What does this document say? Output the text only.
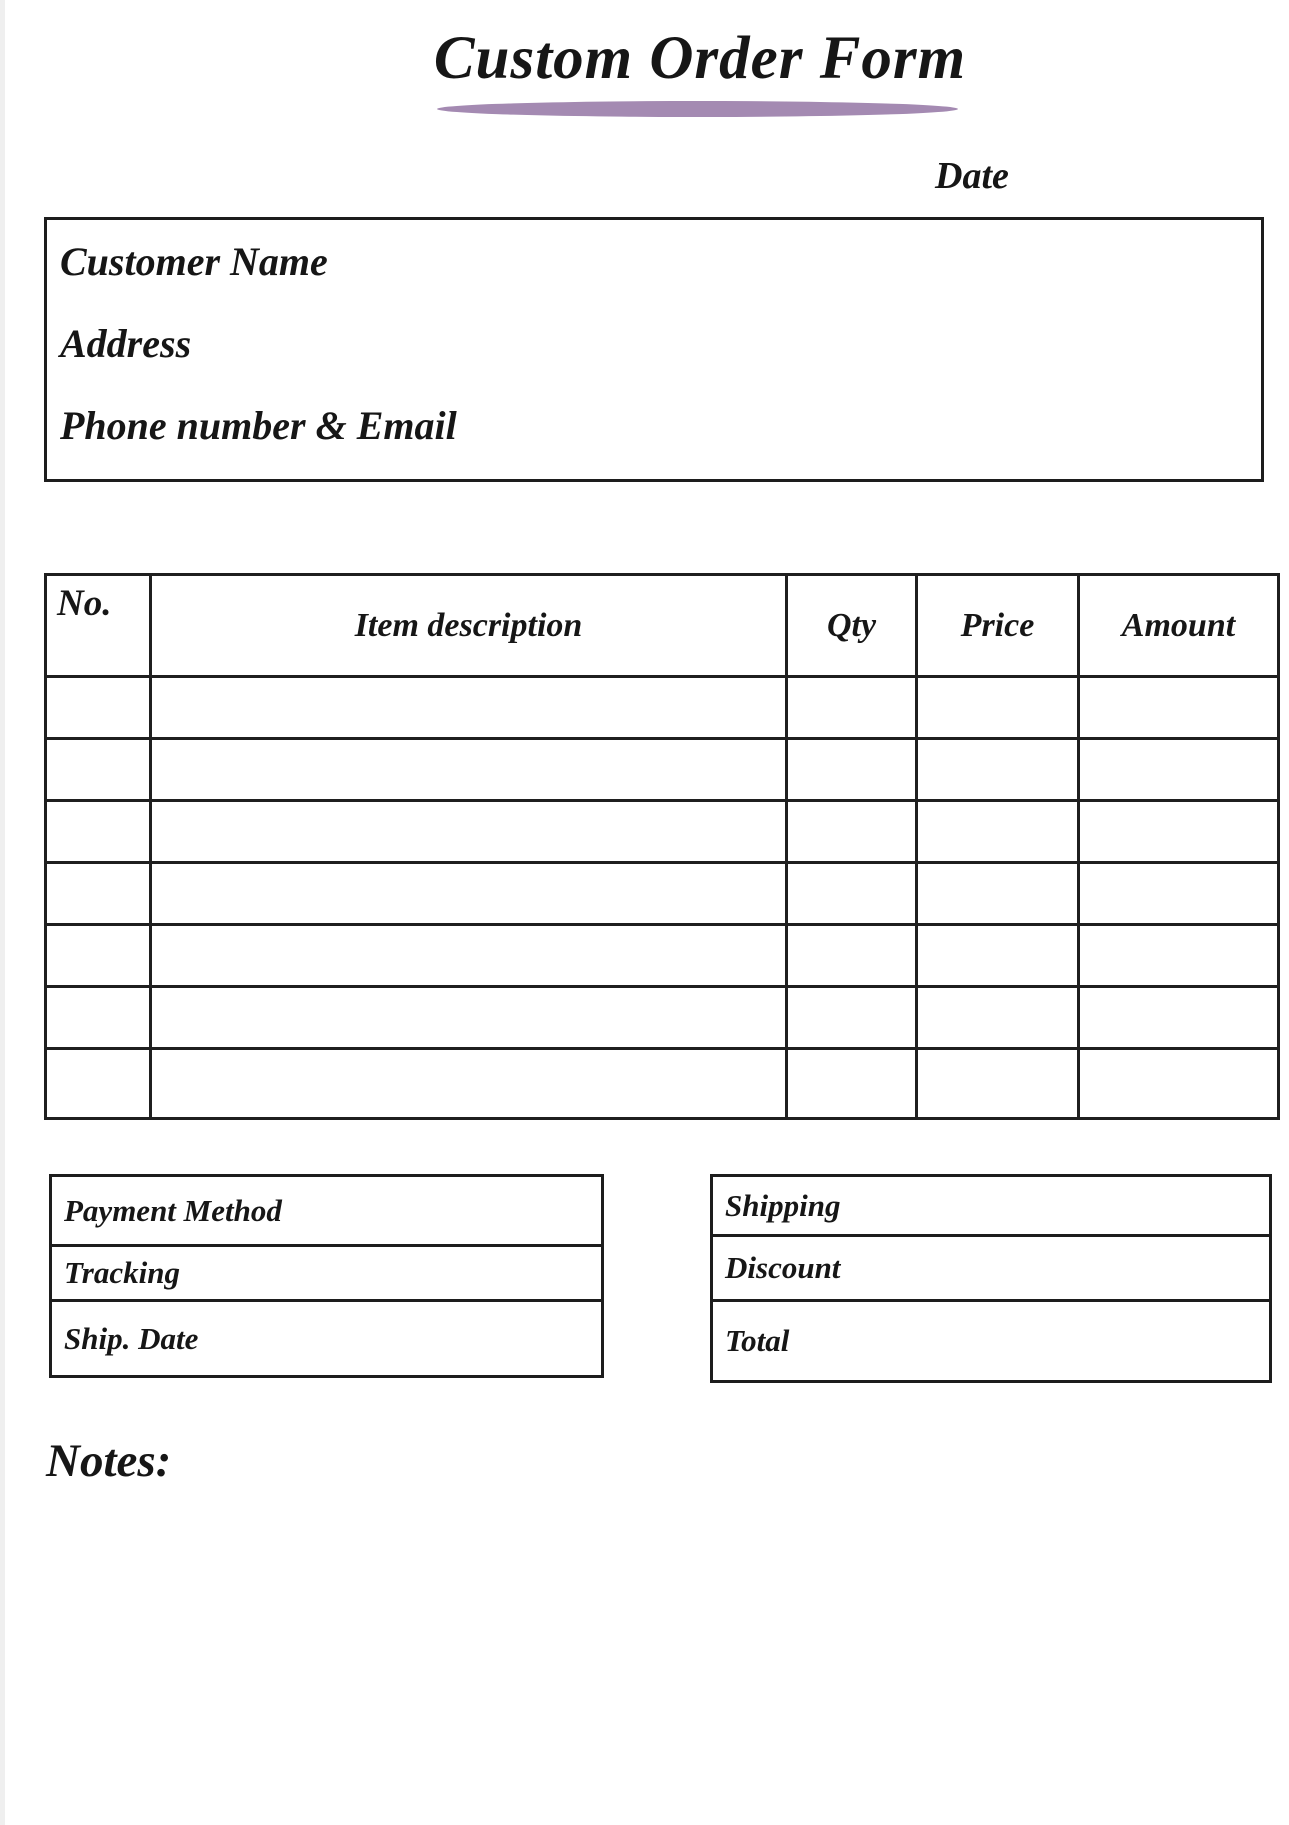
Custom Order Form
Date
Customer Name
Address
Phone number & Email
No.	Item description	Qty	Price	Amount

Payment Method
Tracking
Ship. Date
Shipping
Discount
Total
Notes:
